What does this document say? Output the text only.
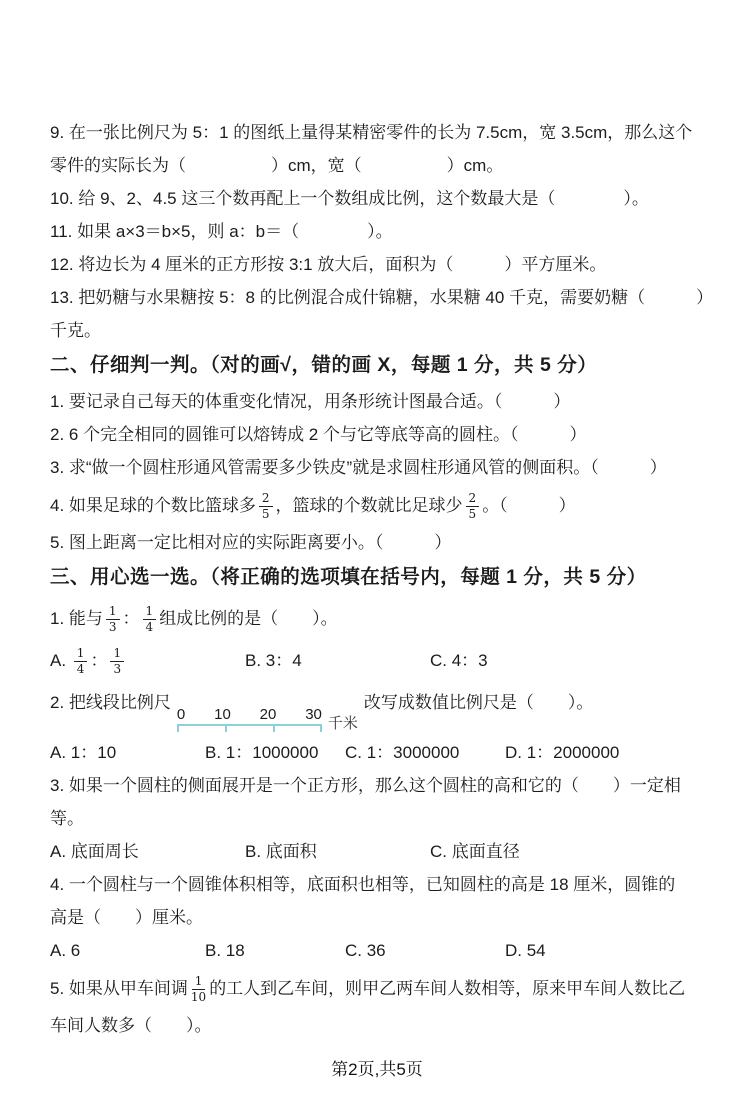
9. 在一张比例尺为 5：1 的图纸上量得某精密零件的长为 7.5cm，宽 3.5cm，那么这个

零件的实际长为（　　　　　）cm，宽（　　　　　）cm。

10. 给 9、2、4.5 这三个数再配上一个数组成比例，这个数最大是（　　　　）。

11. 如果 a×3＝b×5，则 a：b＝（　　　　）。

12. 将边长为 4 厘米的正方形按 3:1 放大后，面积为（　　　）平方厘米。

13. 把奶糖与水果糖按 5：8 的比例混合成什锦糖，水果糖 40 千克，需要奶糖（　　　）

千克。

二、仔细判一判。（对的画√，错的画 X，每题 1 分，共 5 分）

1. 要记录自己每天的体重变化情况，用条形统计图最合适。（　　　）

2. 6 个完全相同的圆锥可以熔铸成 2 个与它等底等高的圆柱。（　　　）

3. 求“做一个圆柱形通风管需要多少铁皮”就是求圆柱形通风管的侧面积。（　　　）

4. 如果足球的个数比篮球多 $\frac{2}{5}$ ，篮球的个数就比足球少 $\frac{2}{5}$ 。（　　　）

5. 图上距离一定比相对应的实际距离要小。（　　　）

三、用心选一选。（将正确的选项填在括号内，每题 1 分，共 5 分）

1. 能与 $\frac{1}{3}$ ： $\frac{1}{4}$ 组成比例的是（　　）。

A. $\frac{1}{4}$ ： $\frac{1}{3}$	B. 3：4	C. 4：3

2. 把线段比例尺
0 10 20 30
千米
改写成数值比例尺是（　　）。

A. 1：10	B. 1：1000000	C. 1：3000000	D. 1：2000000

3. 如果一个圆柱的侧面展开是一个正方形，那么这个圆柱的高和它的（　　）一定相

等。

A. 底面周长	B. 底面积	C. 底面直径

4. 一个圆柱与一个圆锥体积相等，底面积也相等，已知圆柱的高是 18 厘米，圆锥的

高是（　　）厘米。

A. 6	B. 18	C. 36	D. 54

5. 如果从甲车间调 $\frac{1}{10}$ 的工人到乙车间，则甲乙两车间人数相等，原来甲车间人数比乙

车间人数多（　　）。

第2页,共5页
